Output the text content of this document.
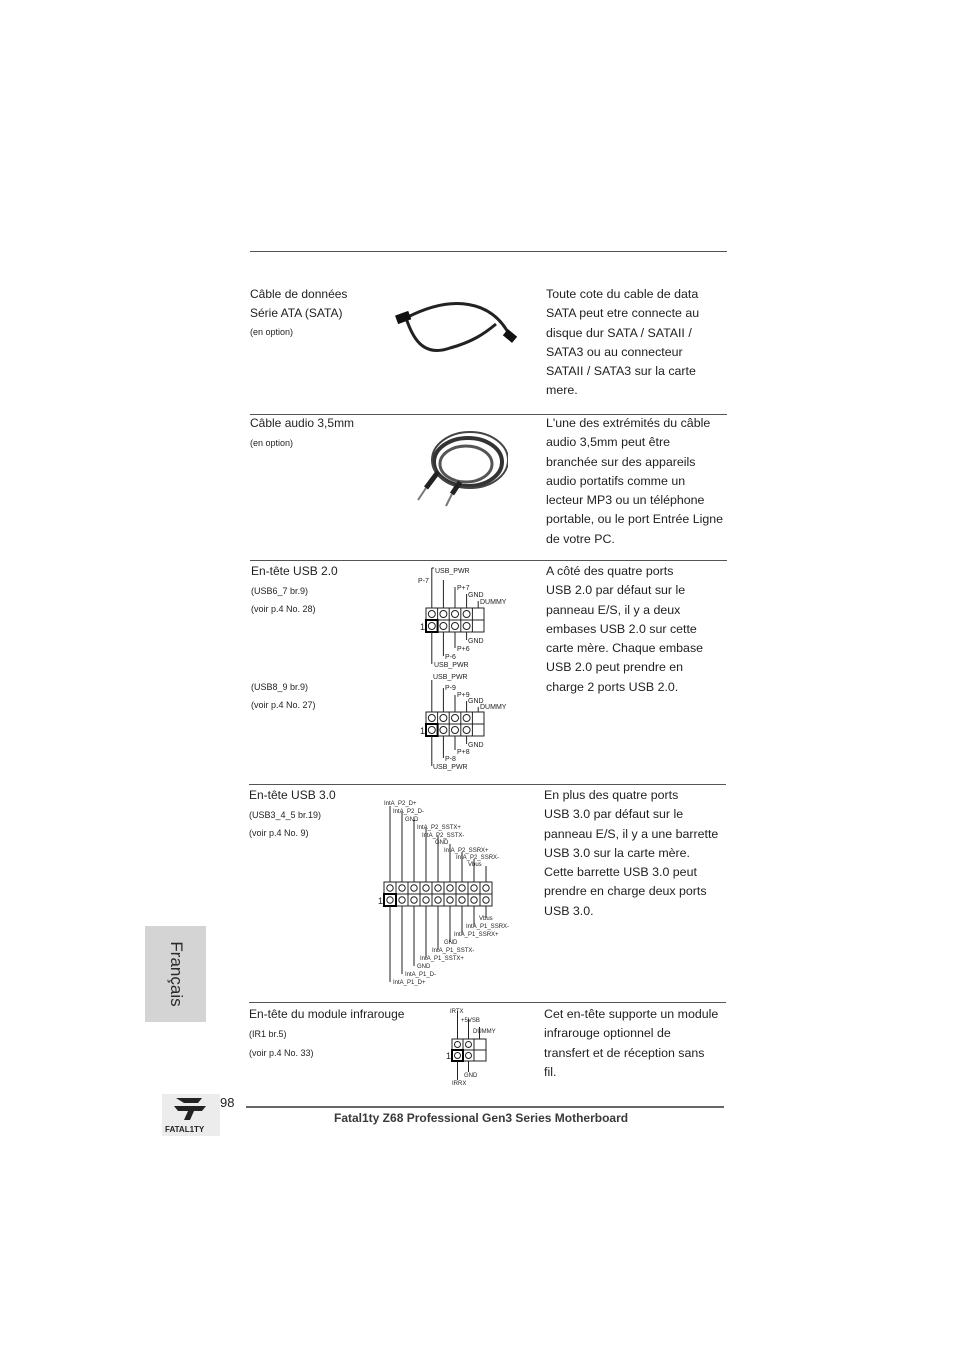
Câble de données
Série ATA (SATA)
(en option)
Toute cote du cable de data
SATA peut etre connecte au
disque dur SATA / SATAII /
SATA3 ou au connecteur
SATAII / SATA3 sur la carte
mere.
Câble audio 3,5mm
(en option)
L'une des extrémités du câble
audio 3,5mm peut être
branchée sur des appareils
audio portatifs comme un
lecteur MP3 ou un téléphone
portable, ou le port Entrée Ligne
de votre PC.
En-tête USB 2.0
(USB6_7 br.9)
(voir p.4 No. 28)
(USB8_9 br.9)
(voir p.4 No. 27)
USB_PWR
P-7
P+7
GND
DUMMY
GND
P+6
P-6
USB_PWR
1
USB_PWR
P-9
P+9
GND
DUMMY
GND
P+8
P-8
USB_PWR
1
A côté des quatre ports
USB 2.0 par défaut sur le
panneau E/S, il y a deux
embases USB 2.0 sur cette
carte mère. Chaque embase
USB 2.0 peut prendre en
charge 2 ports USB 2.0.
En-tête USB 3.0
(USB3_4_5 br.19)
(voir p.4 No. 9)
IntA_P2_D+
IntA_P2_D-
GND
IntA_P2_SSTX+
IntA_P2_SSTX-
GND
IntA_P2_SSRX+
IntA_P2_SSRX-
Vbus
Vbus
IntA_P1_SSRX-
IntA_P1_SSRX+
GND
IntA_P1_SSTX-
IntA_P1_SSTX+
GND
IntA_P1_D-
IntA_P1_D+
1
En plus des quatre ports
USB 3.0 par défaut sur le
panneau E/S, il y a une barrette
USB 3.0 sur la carte mère.
Cette barrette USB 3.0 peut
prendre en charge deux ports
USB 3.0.
En-tête du module infrarouge
(IR1 br.5)
(voir p.4 No. 33)
IRTX
+5VSB
DUMMY
GND
IRRX
1
Cet en-tête supporte un module
infrarouge optionnel de
transfert et de réception sans
fil.
Français
FATAL1TY
98
Fatal1ty Z68 Professional Gen3 Series Motherboard
